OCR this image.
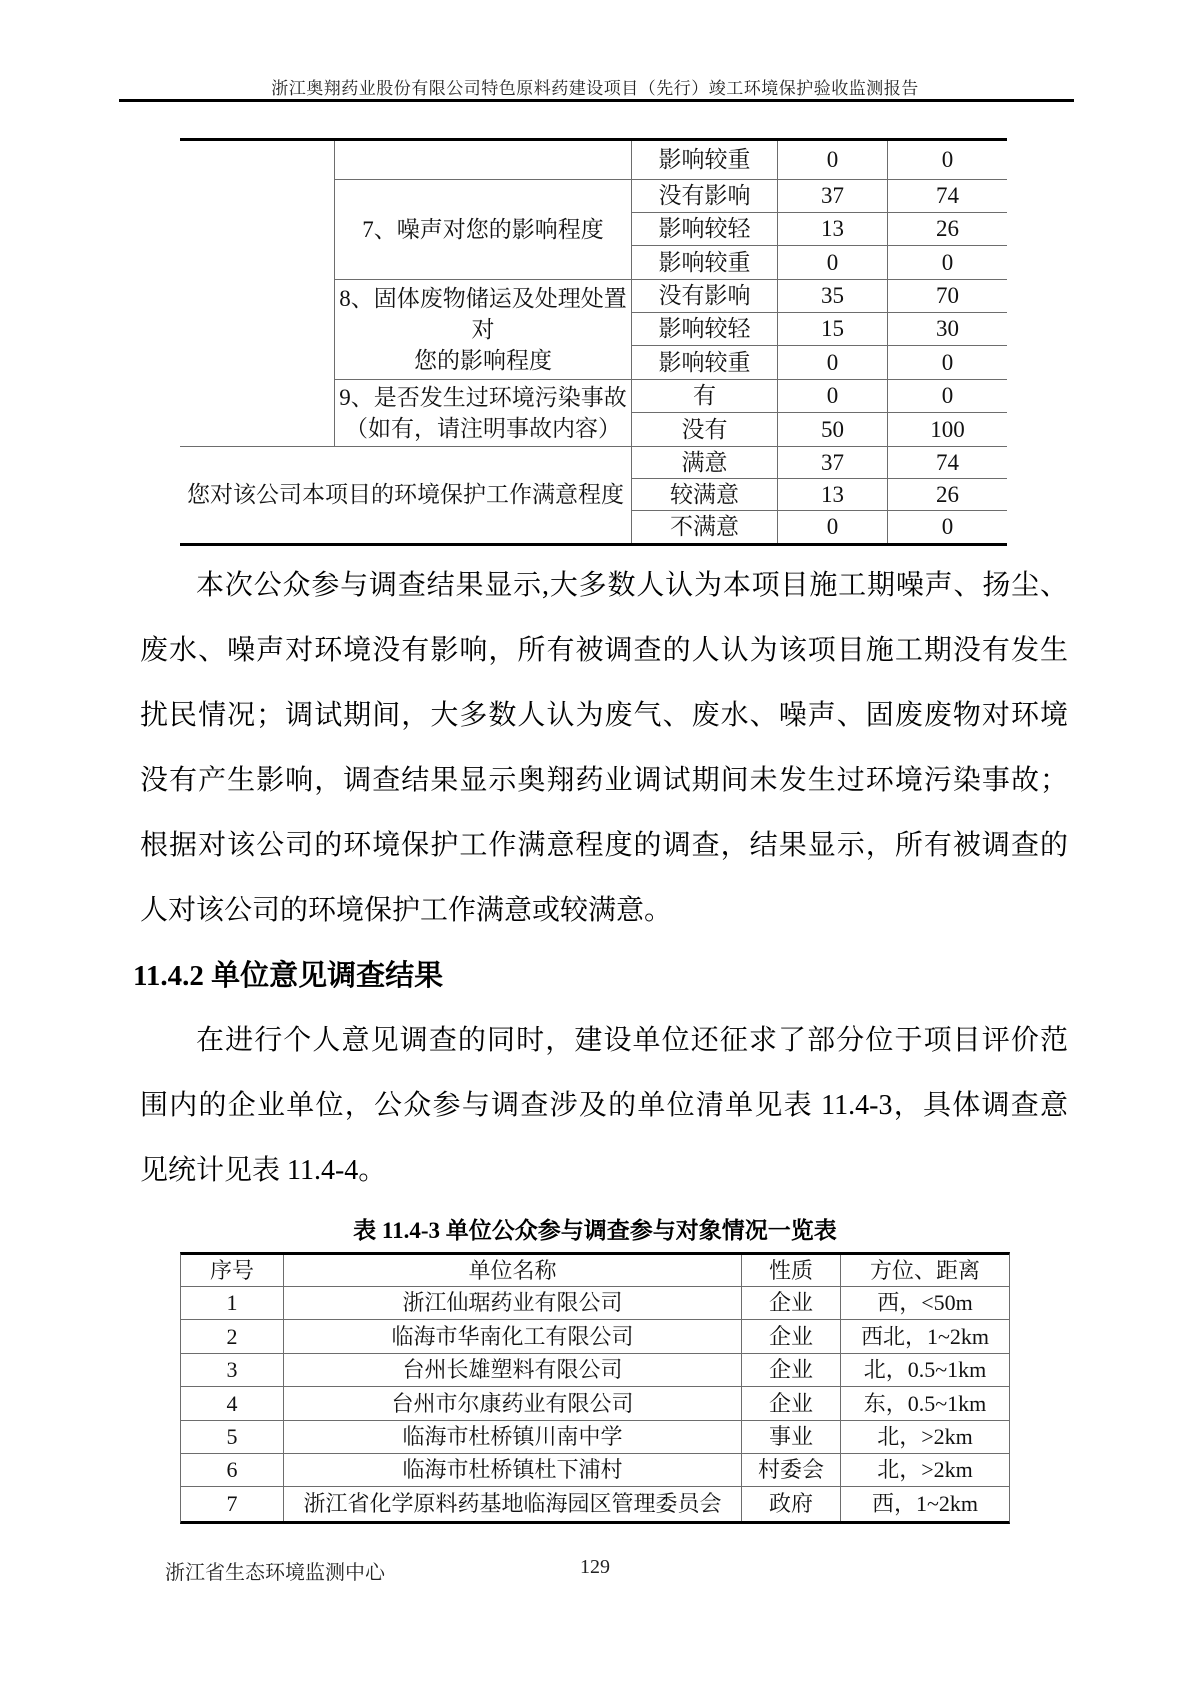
浙江奥翔药业股份有限公司特色原料药建设项目（先行）竣工环境保护验收监测报告
影响较重	0	0
7、噪声对您的影响程度
没有影响	37	74
影响较轻	13	26
影响较重	0	0
8、固体废物储运及处理处置对
您的影响程度
没有影响	35	70
影响较轻	15	30
影响较重	0	0
9、是否发生过环境污染事故
（如有，请注明事故内容）
有	0	0
没有	50	100
您对该公司本项目的环境保护工作满意程度
满意	37	74
较满意	13	26
不满意	0	0
本次公众参与调查结果显示,大多数人认为本项目施工期噪声、扬尘、
废水、噪声对环境没有影响，所有被调查的人认为该项目施工期没有发生
扰民情况；调试期间，大多数人认为废气、废水、噪声、固废废物对环境
没有产生影响，调查结果显示奥翔药业调试期间未发生过环境污染事故；
根据对该公司的环境保护工作满意程度的调查，结果显示，所有被调查的
人对该公司的环境保护工作满意或较满意。
11.4.2 单位意见调查结果
在进行个人意见调查的同时，建设单位还征求了部分位于项目评价范
围内的企业单位，公众参与调查涉及的单位清单见表 11.4-3，具体调查意
见统计见表 11.4-4。
表 11.4-3 单位公众参与调查参与对象情况一览表
序号	单位名称	性质	方位、距离
1	浙江仙琚药业有限公司	企业	西，<50m
2	临海市华南化工有限公司	企业	西北，1~2km
3	台州长雄塑料有限公司	企业	北，0.5~1km
4	台州市尔康药业有限公司	企业	东，0.5~1km
5	临海市杜桥镇川南中学	事业	北，>2km
6	临海市杜桥镇杜下浦村	村委会	北，>2km
7	浙江省化学原料药基地临海园区管理委员会	政府	西，1~2km
浙江省生态环境监测中心	129
